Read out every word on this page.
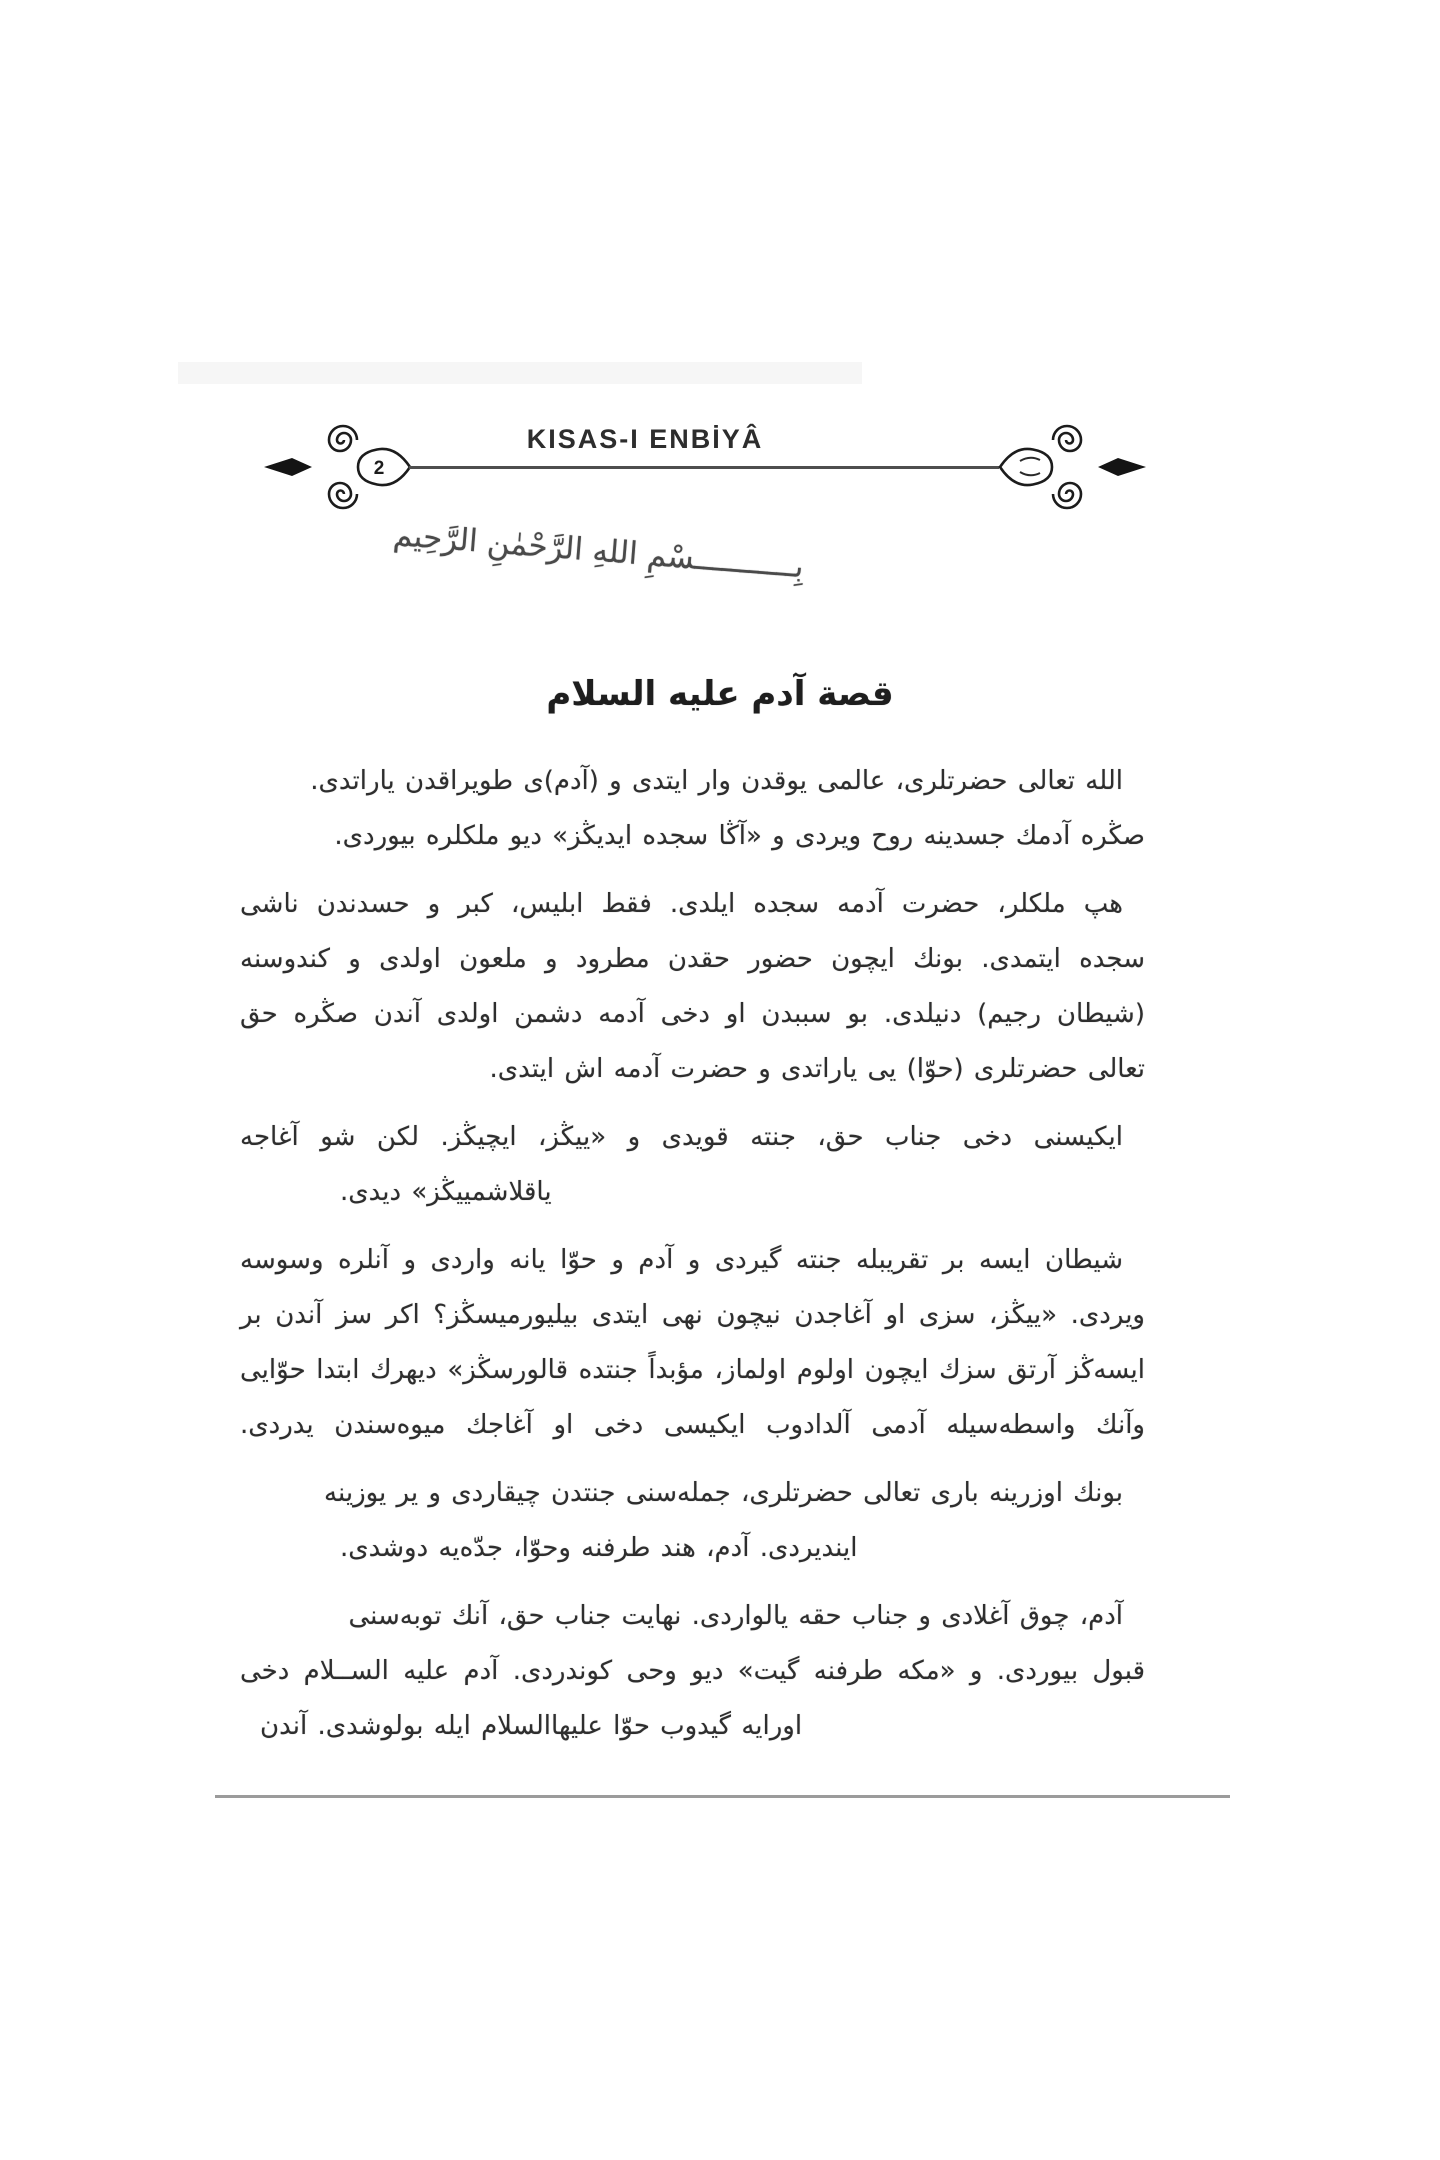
2
KISAS-I ENBİYÂ
بِـــــــــــسْمِ اللهِ الرَّحْمٰنِ الرَّحِيم
قصة آدم عليه السلام
الله تعالی حضرتلری، عالمی یوقدن وار ایتدی و (آدم)ی طویراقدن یاراتدی.
صڭره آدمك جسدینه روح ویردی و «آڭا سجده ایدیڭز» دیو ملكلره بیوردی.
هپ ملكلر، حضرت آدمه سجده ایلدی. فقط ابلیس، كبر و حسدندن ناشی
سجده ایتمدی. بونك ایچون حضور حقدن مطرود و ملعون اولدی و كندوسنه
(شیطان رجیم) دنیلدی. بو سببدن او دخی آدمه دشمن اولدی آندن صڭره حق
تعالی حضرتلری (حوّا) یی یاراتدی و حضرت آدمه اش ایتدی.
ایكیسنی دخی جناب حق، جنته قویدی و «ییڭز، ایچیڭز. لكن شو آغاجه
یاقلاشمییڭز» دیدی.
شیطان ایسه بر تقریبله جنته گیردی و آدم و حوّا یانه واردی و آنلره وسوسه
ویردی. «ییڭز، سزی او آغاجدن نیچون نهی ایتدی بیلیورمیسڭز؟ اكر سز آندن بر
ایسه‌ڭز آرتق سزك ایچون اولوم اولماز، مؤبداً جنتده قالورسڭز» دیهرك ابتدا حوّایی
وآنك واسطه‌سیله آدمی آلدادوب ایكیسی دخی او آغاجك میوه‌سندن یدردی.
بونك اوزرینه باری تعالی حضرتلری، جمله‌سنی جنتدن چیقاردی و یر یوزینه
ایندیردی. آدم، هند طرفنه وحوّا، جدّه‌یه دوشدی.
آدم، چوق آغلادی و جناب حقه یالواردی. نهایت جناب حق، آنك توبه‌سنی
قبول بیوردی. و «مكه طرفنه گیت» دیو وحی كوندردی. آدم علیه الســلام دخی
اورایه گیدوب حوّا علیهاالسلام ایله بولوشدی. آندن
